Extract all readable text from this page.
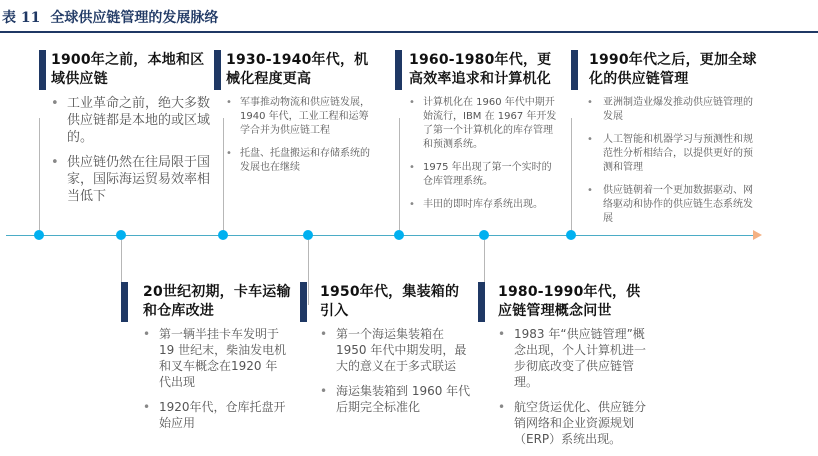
表 11 全球供应链管理的发展脉络
1900年之前，本地和区域供应链
• 工业革命之前，绝大多数供应链都是本地的或区域的。
• 供应链仍然在往局限于国家，国际海运贸易效率相当低下
1930-1940年代，机械化程度更高
• 军事推动物流和供应链发展，1940 年代，工业工程和运筹学合并为供应链工程
• 托盘、托盘搬运和存储系统的发展也在继续
1960-1980年代，更高效率追求和计算机化
• 计算机化在 1960 年代中期开始流行，IBM 在 1967 年开发了第一个计算机化的库存管理和预测系统。
• 1975 年出现了第一个实时的仓库管理系统。
• 丰田的即时库存系统出现。
1990年代之后，更加全球化的供应链管理
• 亚洲制造业爆发推动供应链管理的发展
• 人工智能和机器学习与预测性和规范性分析相结合，以提供更好的预测和管理
• 供应链朝着一个更加数据驱动、网络驱动和协作的供应链生态系统发展
20世纪初期，卡车运输和仓库改进
• 第一辆半挂卡车发明于 19 世纪末，柴油发电机和叉车概念在1920 年代出现
• 1920年代，仓库托盘开始应用
1950年代，集装箱的引入
• 第一个海运集装箱在 1950 年代中期发明，最大的意义在于多式联运
• 海运集装箱到 1960 年代后期完全标准化
1980-1990年代，供应链管理概念问世
• 1983 年“供应链管理”概念出现，个人计算机进一步彻底改变了供应链管理。
• 航空货运优化、供应链分销网络和企业资源规划（ERP）系统出现。
